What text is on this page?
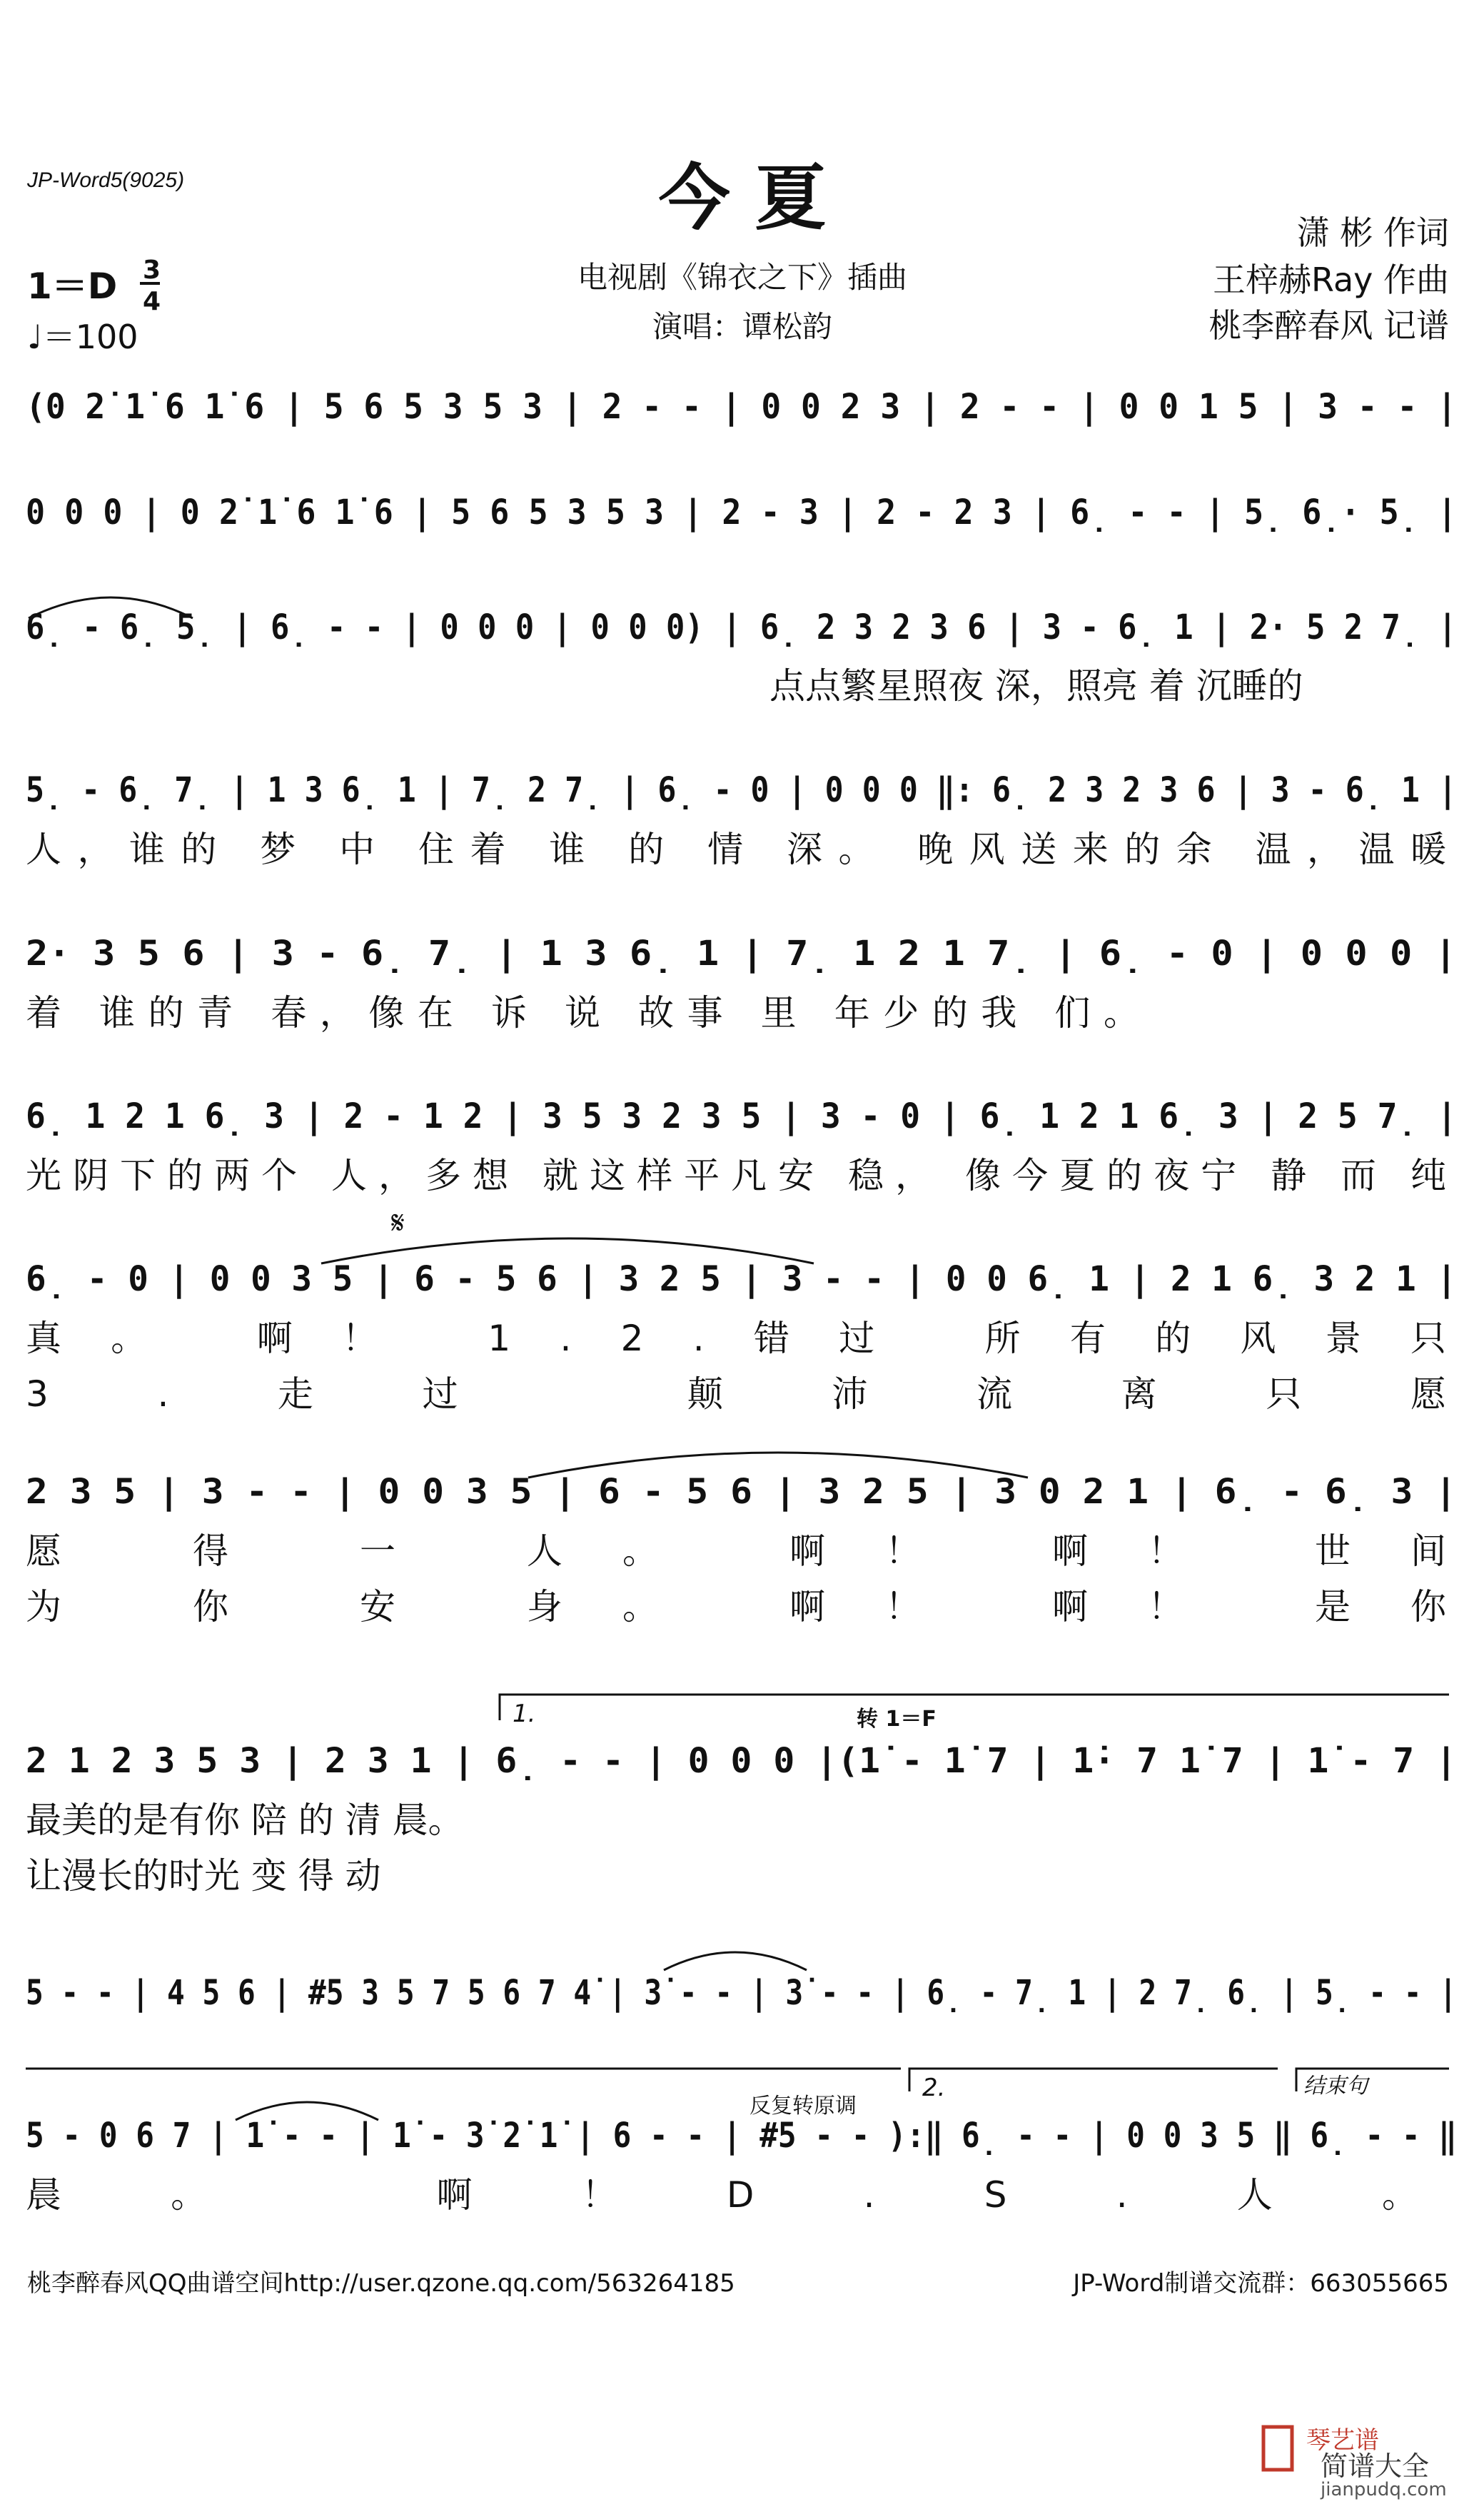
JP-Word5(9025)	今 夏
电视剧《锦衣之下》插曲
演唱：谭松韵
潇 彬 作词
王梓赫Ray 作曲
桃李醉春风 记谱
1＝D 3
4
♩＝100
(0 2̇ 1̇ 6 1̇ 6 | 5 6 5 3 5 3 | 2 - - | 0 0 2 3 | 2 - - | 0 0 1 5 | 3 - - |
0 0 0 | 0 2̇ 1̇ 6 1̇ 6 | 5 6 5 3 5 3 | 2 - 3 | 2 - 2 3 | 6̣ - - | 5̣ 6̣· 5̣ |
6̣ - 6̣ 5̣ | 6̣ - - | 0 0 0 | 0 0 0) | 6̣ 2 3 2 3 6 | 3 - 6̣ 1 | 2· 5 2 7̣ |
点点繁星照夜 深，照亮 着 沉睡的
5̣ - 6̣ 7̣ | 1 3 6̣ 1 | 7̣ 2 7̣ | 6̣ - 0 | 0 0 0 ‖: 6̣ 2 3 2 3 6 | 3 - 6̣ 1 |
人，谁的 梦 中 住着 谁 的 情 深。 晚风送来的余 温，温暖
2· 3 5 6 | 3 - 6̣ 7̣ | 1 3 6̣ 1 | 7̣ 1 2 1 7̣ | 6̣ - 0 | 0 0 0 |
着 谁的青 春，像在 诉 说 故事 里 年少的我 们。
6̣ 1 2 1 6̣ 3 | 2 - 1 2 | 3 5 3 2 3 5 | 3 - 0 | 6̣ 1 2 1 6̣ 3 | 2 5 7̣ |
光阴下的两个 人，多想 就这样平凡安 稳， 像今夏的夜宁 静 而 纯
𝄋
6̣ - 0 | 0 0 3 5 | 6 - 5 6 | 3 2 5 | 3 - - | 0 0 6̣ 1 | 2 1 6̣ 3 2 1 |
真。 啊！ 1.2.错过 所有的风景只
3.走过 颠沛流离只愿
2 3 5 | 3 - - | 0 0 3 5 | 6 - 5 6 | 3 2 5 | 3 0 2 1 | 6̣ - 6̣ 3 |
愿 得 一 人。 啊！ 啊！ 世间
为 你 安 身。 啊！ 啊！ 是你
1.	转 1＝F
2 1 2 3 5 3 | 2 3 1 | 6̣ - - | 0 0 0 |(1̇ - 1̇ 7 | 1̇· 7 1̇ 7 | 1̇ - 7 |
最美的是有你 陪 的 清 晨。
让漫长的时光 变 得 动
5 - - | 4 5 6 | #5 3 5 7 5 6 7 4̇ | 3̇ - - | 3̇ - - | 6̣ - 7̣ 1 | 2 7̣ 6̣ | 5̣ - - |
反复转原调
2.	结束句
5 - 0 6 7 | 1̇ - - | 1̇ - 3̇ 2̇ 1̇ | 6 - - | #5 - - ):‖ 6̣ - - | 0 0 3 5 ‖ 6̣ - - ‖
晨。 啊！D.S.人。
桃李醉春风QQ曲谱空间http://user.qzone.qq.com/563264185	JP-Word制谱交流群：663055665
琴艺谱
简谱大全
jianpudq.com
